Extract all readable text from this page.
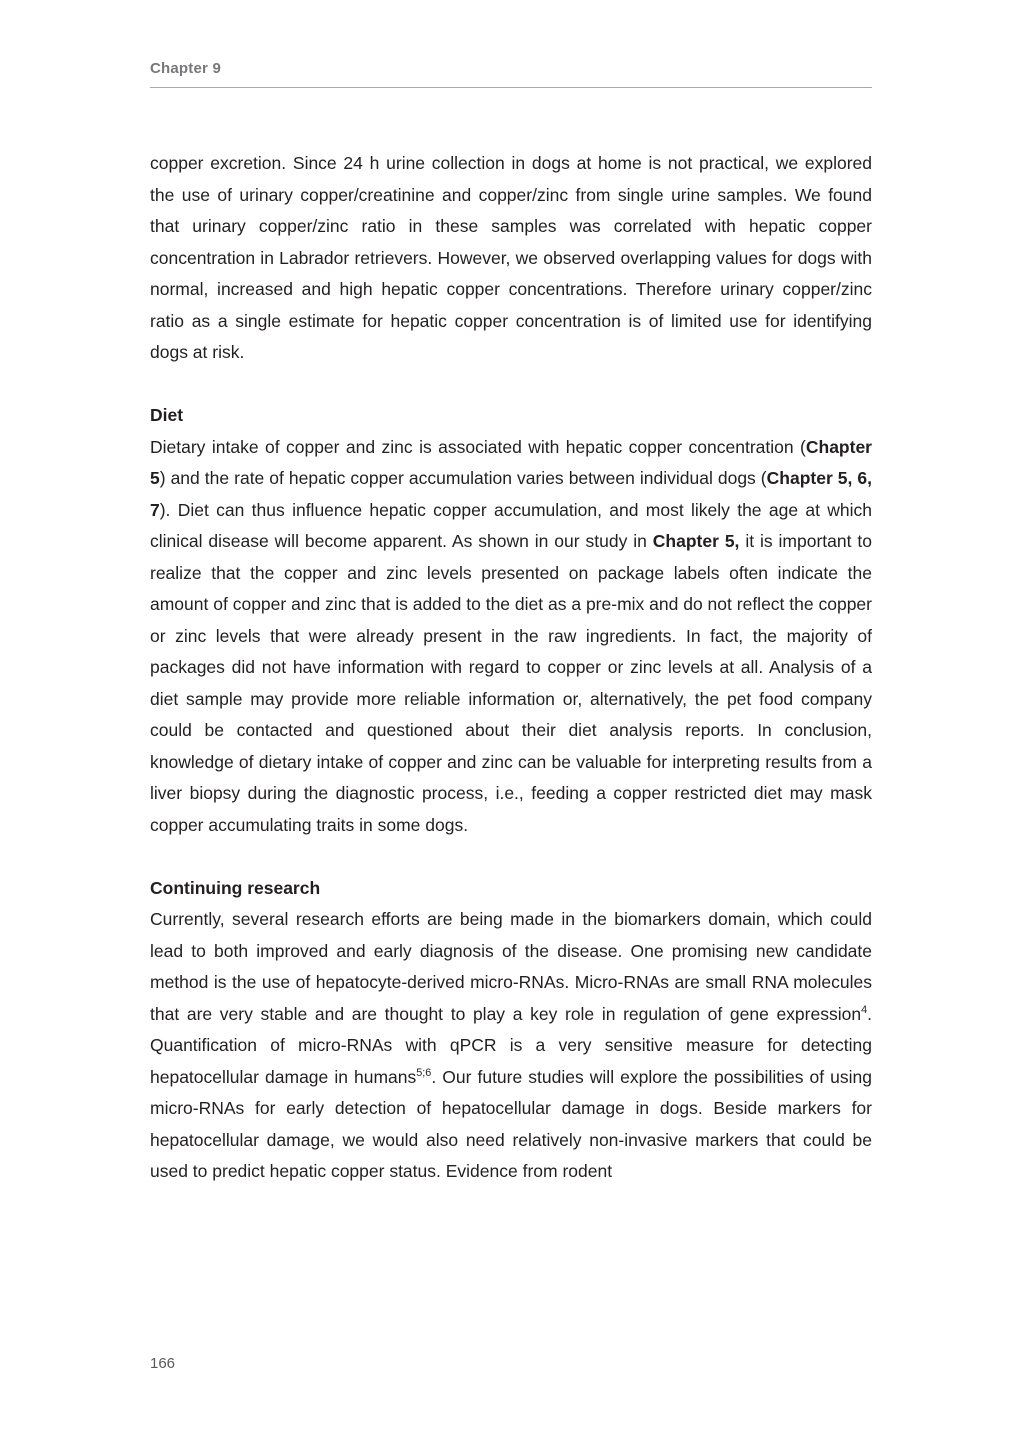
Chapter 9

copper excretion. Since 24 h urine collection in dogs at home is not practical, we explored the use of urinary copper/creatinine and copper/zinc from single urine samples. We found that urinary copper/zinc ratio in these samples was correlated with hepatic copper concentration in Labrador retrievers. However, we observed overlapping values for dogs with normal, increased and high hepatic copper concentrations. Therefore urinary copper/zinc ratio as a single estimate for hepatic copper concentration is of limited use for identifying dogs at risk.

Diet

Dietary intake of copper and zinc is associated with hepatic copper concentration (Chapter 5) and the rate of hepatic copper accumulation varies between individual dogs (Chapter 5, 6, 7). Diet can thus influence hepatic copper accumulation, and most likely the age at which clinical disease will become apparent. As shown in our study in Chapter 5, it is important to realize that the copper and zinc levels presented on package labels often indicate the amount of copper and zinc that is added to the diet as a pre-mix and do not reflect the copper or zinc levels that were already present in the raw ingredients. In fact, the majority of packages did not have information with regard to copper or zinc levels at all. Analysis of a diet sample may provide more reliable information or, alternatively, the pet food company could be contacted and questioned about their diet analysis reports. In conclusion, knowledge of dietary intake of copper and zinc can be valuable for interpreting results from a liver biopsy during the diagnostic process, i.e., feeding a copper restricted diet may mask copper accumulating traits in some dogs.

Continuing research

Currently, several research efforts are being made in the biomarkers domain, which could lead to both improved and early diagnosis of the disease. One promising new candidate method is the use of hepatocyte-derived micro-RNAs. Micro-RNAs are small RNA molecules that are very stable and are thought to play a key role in regulation of gene expression$^4$. Quantification of micro-RNAs with qPCR is a very sensitive measure for detecting hepatocellular damage in humans$^{5;6}$. Our future studies will explore the possibilities of using micro-RNAs for early detection of hepatocellular damage in dogs. Beside markers for hepatocellular damage, we would also need relatively non-invasive markers that could be used to predict hepatic copper status. Evidence from rodent

166
